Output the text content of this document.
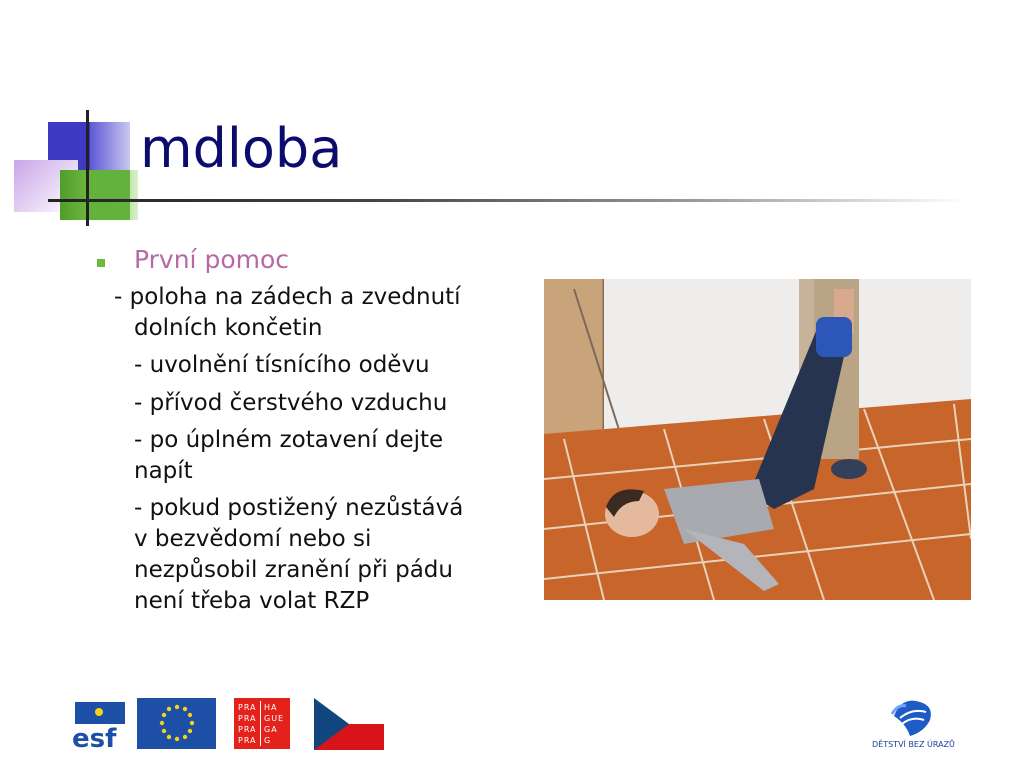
mdloba
První pomoc
- poloha na zádech a zvednutí
dolních končetin
- uvolnění tísnícího oděvu
- přívod čerstvého vzduchu
- po úplném zotavení dejte
napít
- pokud postižený nezůstává
v bezvědomí nebo si
nezpůsobil zranění při pádu
není třeba volat RZP
esf
PRA HA
PRA GUE
PRA GA
PRA G	DĚTSTVÍ BEZ ÚRAZŮ
